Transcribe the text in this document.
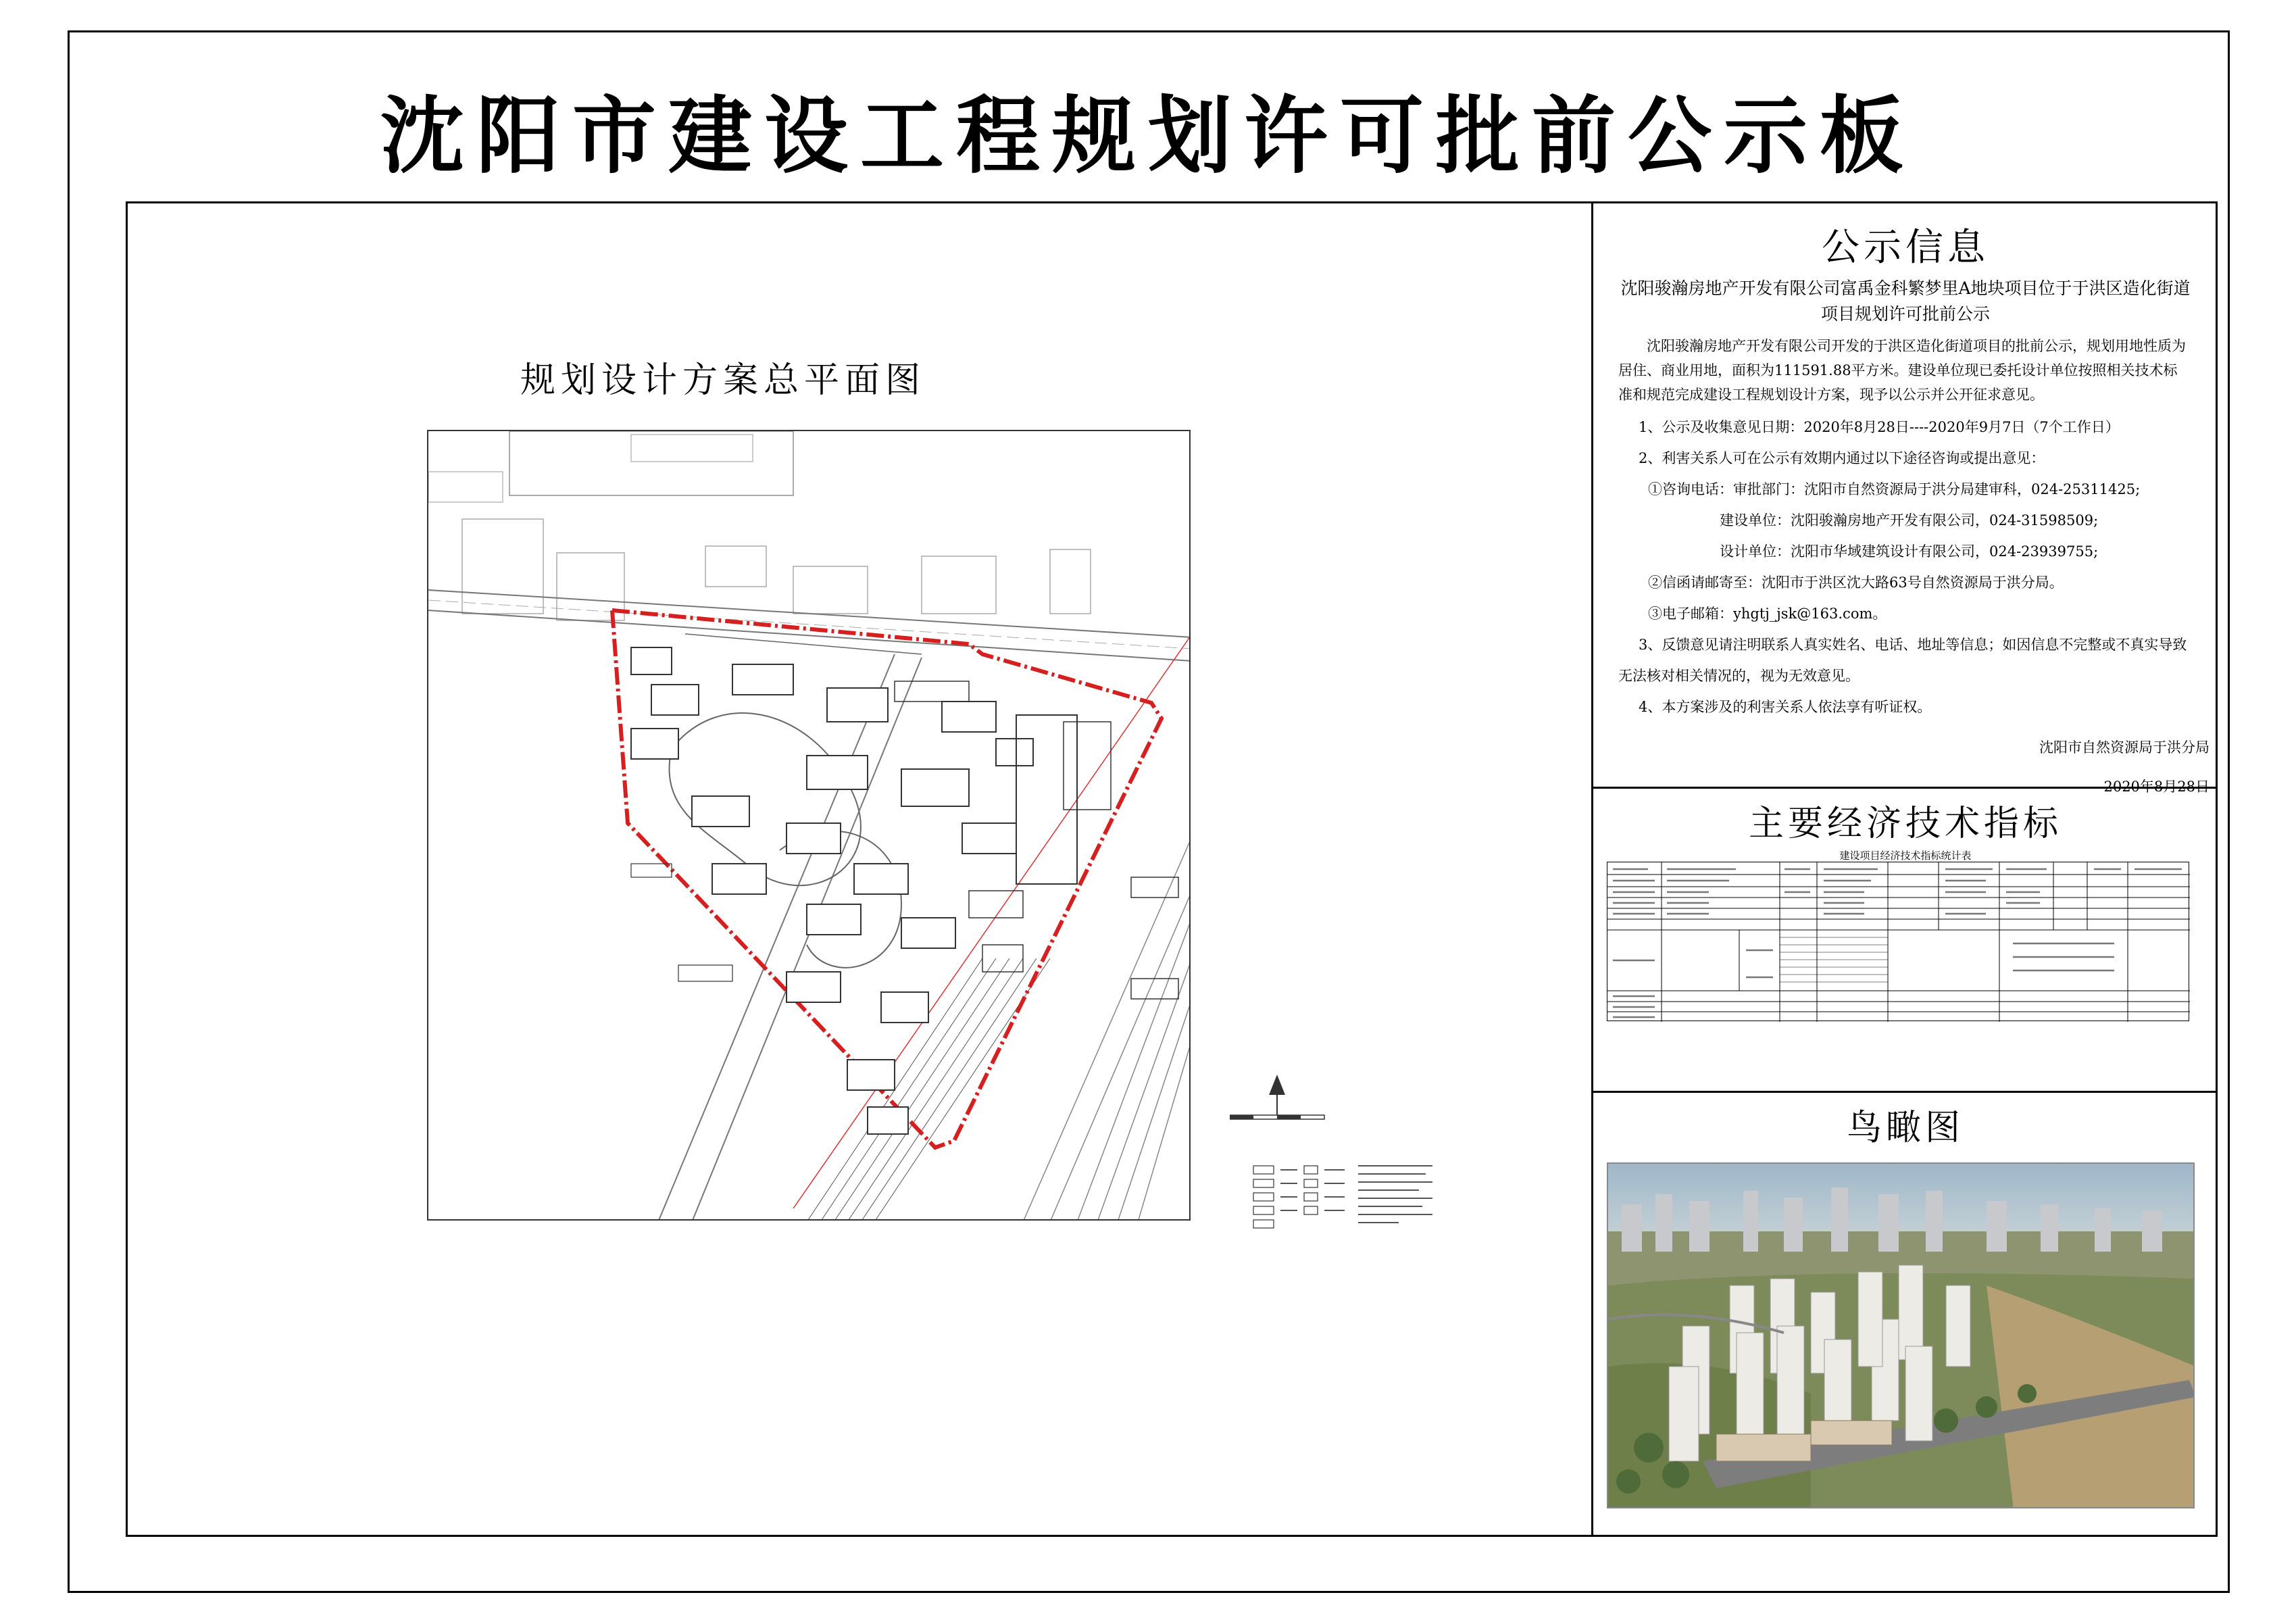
沈阳市建设工程规划许可批前公示板
规划设计方案总平面图
公示信息
沈阳骏瀚房地产开发有限公司富禹金科繁梦里A地块项目位于于洪区造化街道
项目规划许可批前公示

沈阳骏瀚房地产开发有限公司开发的于洪区造化街道项目的批前公示，规划用地性质为

居住、商业用地，面积为111591.88平方米。建设单位现已委托设计单位按照相关技术标

准和规范完成建设工程规划设计方案，现予以公示并公开征求意见。

1、公示及收集意见日期：2020年8月28日----2020年9月7日（7个工作日）

2、利害关系人可在公示有效期内通过以下途径咨询或提出意见：

①咨询电话：审批部门：沈阳市自然资源局于洪分局建审科，024-25311425;

建设单位：沈阳骏瀚房地产开发有限公司，024-31598509;

设计单位：沈阳市华域建筑设计有限公司，024-23939755;

②信函请邮寄至：沈阳市于洪区沈大路63号自然资源局于洪分局。

③电子邮箱：yhgtj_jsk@163.com。

3、反馈意见请注明联系人真实姓名、电话、地址等信息；如因信息不完整或不真实导致

无法核对相关情况的，视为无效意见。

4、本方案涉及的利害关系人依法享有听证权。

沈阳市自然资源局于洪分局
2020年8月28日
主要经济技术指标
建设项目经济技术指标统计表
鸟瞰图
